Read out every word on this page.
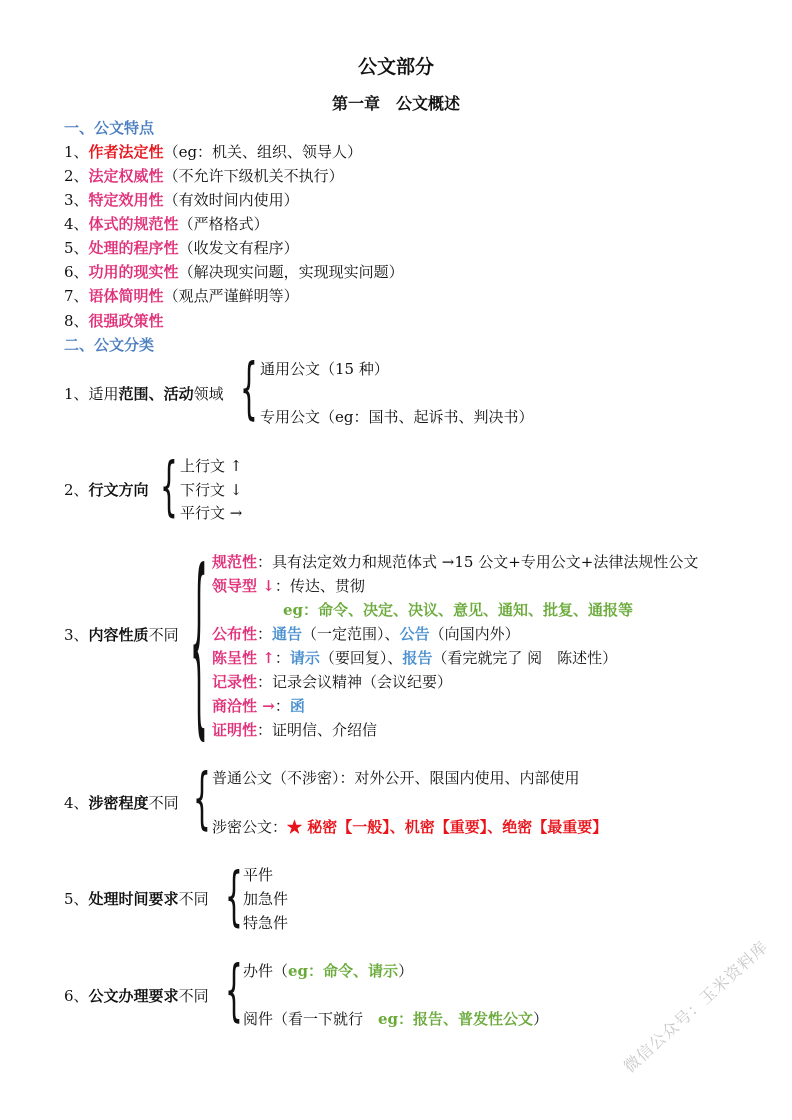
公文部分
第一章　公文概述
一、公文特点
1、作者法定性（eg：机关、组织、领导人）
2、法定权威性（不允许下级机关不执行）
3、特定效用性（有效时间内使用）
4、体式的规范性（严格格式）
5、处理的程序性（收发文有程序）
6、功用的现实性（解决现实问题，实现现实问题）
7、语体简明性（观点严谨鲜明等）
8、很强政策性
二、公文分类
1、适用范围、活动领域 { 通用公文（15 种）
专用公文（eg：国书、起诉书、判决书）
2、行文方向 { 上行文 ↑
下行文 ↓
平行文 →
3、内容性质不同 { 规范性：具有法定效力和规范体式 →15 公文+专用公文+法律法规性公文
领导型 ↓：传达、贯彻
eg：命令、决定、决议、意见、通知、批复、通报等
公布性：通告（一定范围）、公告（向国内外）
陈呈性 ↑：请示（要回复）、报告（看完就完了 阅　陈述性）
记录性：记录会议精神（会议纪要）
商洽性 →：函
证明性：证明信、介绍信
4、涉密程度不同 { 普通公文（不涉密）：对外公开、限国内使用、内部使用
涉密公文：★ 秘密【一般】、机密【重要】、绝密【最重要】
5、处理时间要求不同 { 平件
加急件
特急件
6、公文办理要求不同 { 办件（eg：命令、请示）
阅件（看一下就行　eg：报告、普发性公文）	微信公众号：玉米资料库
